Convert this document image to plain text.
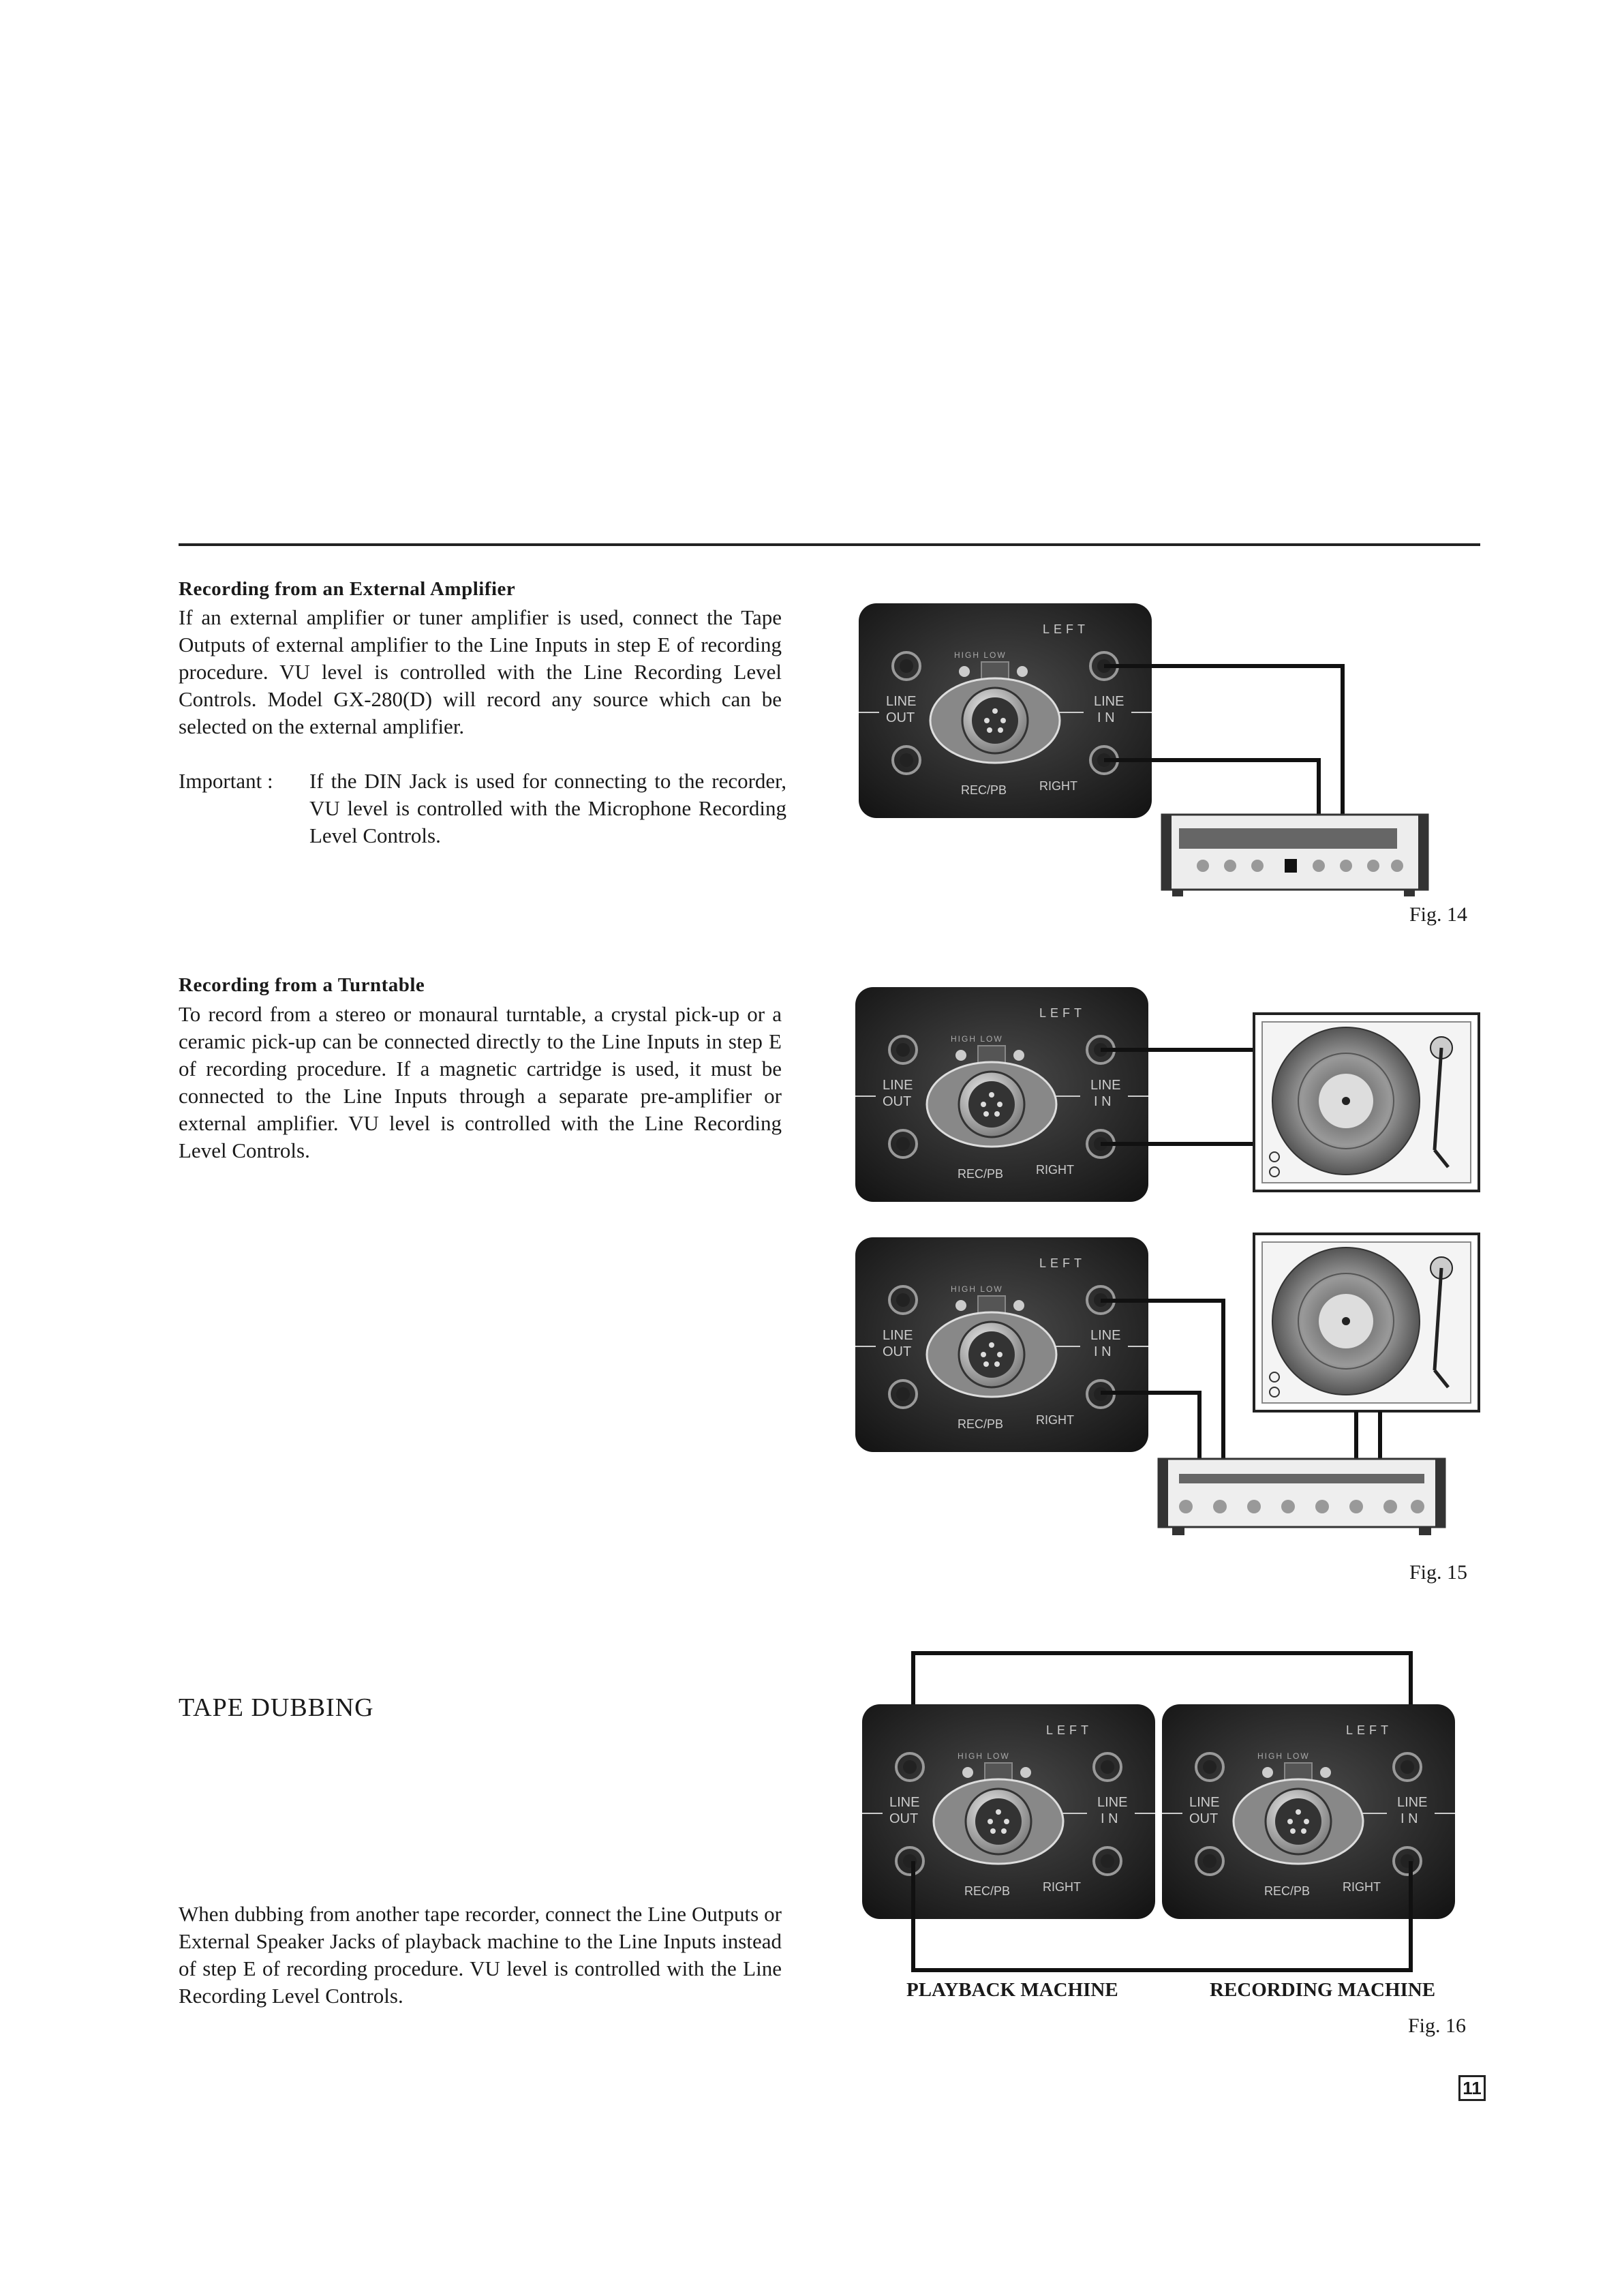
Recording from an External Amplifier

If an external amplifier or tuner amplifier is used, connect the Tape Outputs of external amplifier to the Line Inputs in step E of recording procedure. VU level is controlled with the Line Recording Level Controls. Model GX-280(D) will record any source which can be selected on the external amplifier.

Important : If the DIN Jack is used for connecting to the recorder, VU level is controlled with the Microphone Recording Level Controls.
Fig. 14
Recording from a Turntable

To record from a stereo or monaural turntable, a crystal pick-up or a ceramic pick-up can be connected directly to the Line Inputs in step E of recording procedure. If a magnetic cartridge is used, it must be connected to the Line Inputs through a separate pre-amplifier or external amplifier. VU level is controlled with the Line Recording Level Controls.

Fig. 15
TAPE DUBBING

When dubbing from another tape recorder, connect the Line Outputs or External Speaker Jacks of playback machine to the Line Inputs instead of step E of recording procedure. VU level is controlled with the Line Recording Level Controls.	PLAYBACK MACHINE	RECORDING MACHINE
Fig. 16
11
LEFT
HIGH LOW
LINE
OUT
LINE
I N
REC/PB	RIGHT
